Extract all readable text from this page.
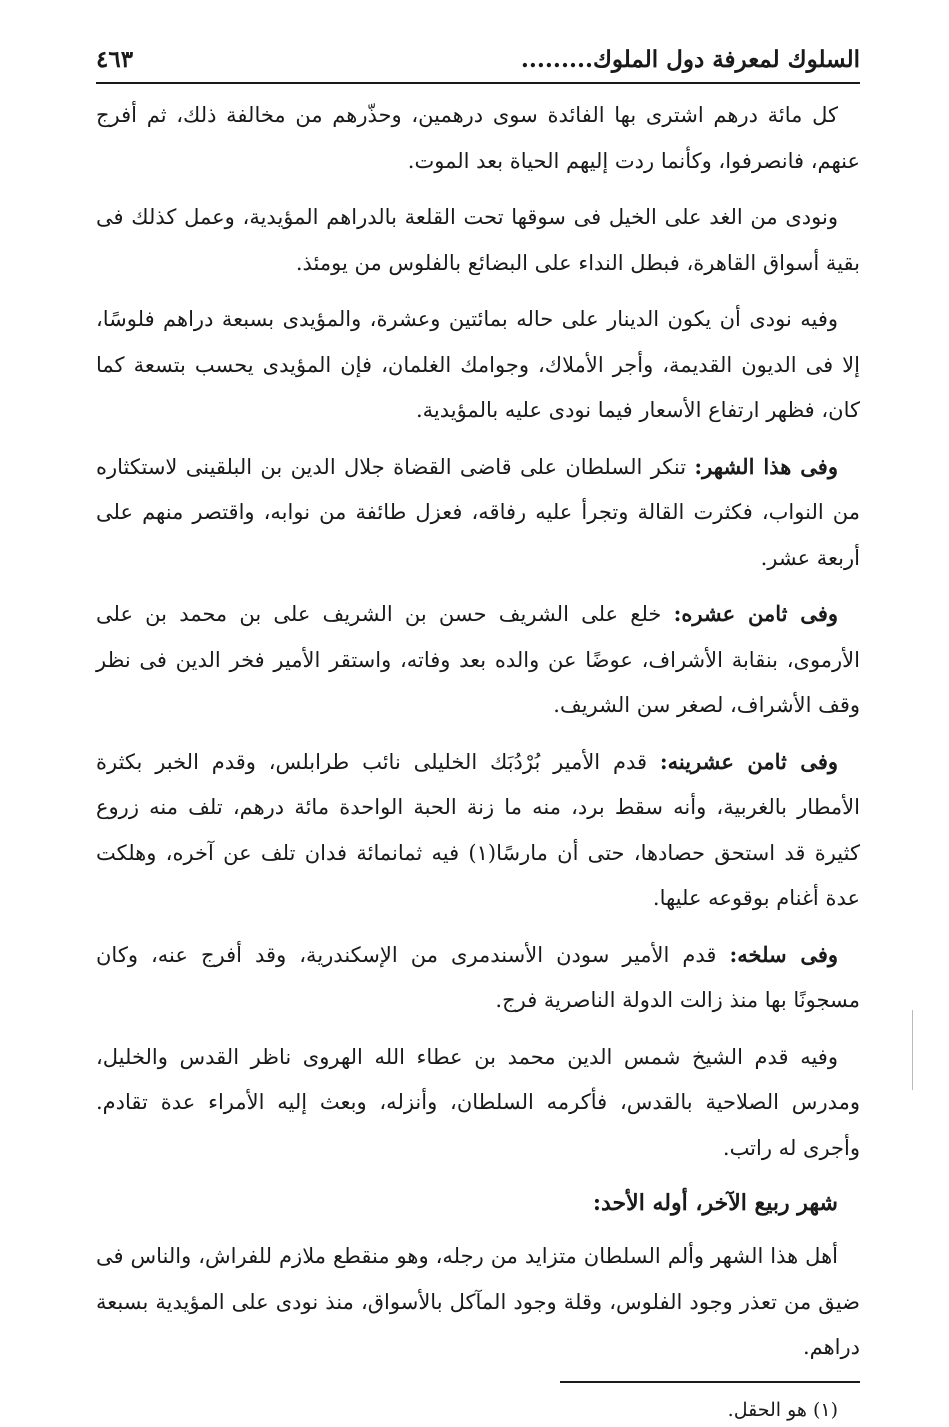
السلوك لمعرفة دول الملوك.........
٤٦٣

كل مائة درهم اشترى بها الفائدة سوى درهمين، وحذّرهم من مخالفة ذلك، ثم أفرج عنهم، فانصرفوا، وكأنما ردت إليهم الحياة بعد الموت.

ونودى من الغد على الخيل فى سوقها تحت القلعة بالدراهم المؤيدية، وعمل كذلك فى بقية أسواق القاهرة، فبطل النداء على البضائع بالفلوس من يومئذ.

وفيه نودى أن يكون الدينار على حاله بمائتين وعشرة، والمؤيدى بسبعة دراهم فلوسًا، إلا فى الديون القديمة، وأجر الأملاك، وجوامك الغلمان، فإن المؤيدى يحسب بتسعة كما كان، فظهر ارتفاع الأسعار فيما نودى عليه بالمؤيدية.

وفى هذا الشهر: تنكر السلطان على قاضى القضاة جلال الدين بن البلقينى لاستكثاره من النواب، فكثرت القالة وتجرأ عليه رفاقه، فعزل طائفة من نوابه، واقتصر منهم على أربعة عشر.

وفى ثامن عشره: خلع على الشريف حسن بن الشريف على بن محمد بن على الأرموى، بنقابة الأشراف، عوضًا عن والده بعد وفاته، واستقر الأمير فخر الدين فى نظر وقف الأشراف، لصغر سن الشريف.

وفى ثامن عشرينه: قدم الأمير بُرْدُبَك الخليلى نائب طرابلس، وقدم الخبر بكثرة الأمطار بالغربية، وأنه سقط برد، منه ما زنة الحبة الواحدة مائة درهم، تلف منه زروع كثيرة قد استحق حصادها، حتى أن مارسًا(١) فيه ثمانمائة فدان تلف عن آخره، وهلكت عدة أغنام بوقوعه عليها.

وفى سلخه: قدم الأمير سودن الأسندمرى من الإسكندرية، وقد أفرج عنه، وكان مسجونًا بها منذ زالت الدولة الناصرية فرج.

وفيه قدم الشيخ شمس الدين محمد بن عطاء الله الهروى ناظر القدس والخليل، ومدرس الصلاحية بالقدس، فأكرمه السلطان، وأنزله، وبعث إليه الأمراء عدة تقادم. وأجرى له راتب.

شهر ربيع الآخر، أوله الأحد:

أهل هذا الشهر وألم السلطان متزايد من رجله، وهو منقطع ملازم للفراش، والناس فى ضيق من تعذر وجود الفلوس، وقلة وجود المآكل بالأسواق، منذ نودى على المؤيدية بسبعة دراهم.

(١) هو الحقل.
